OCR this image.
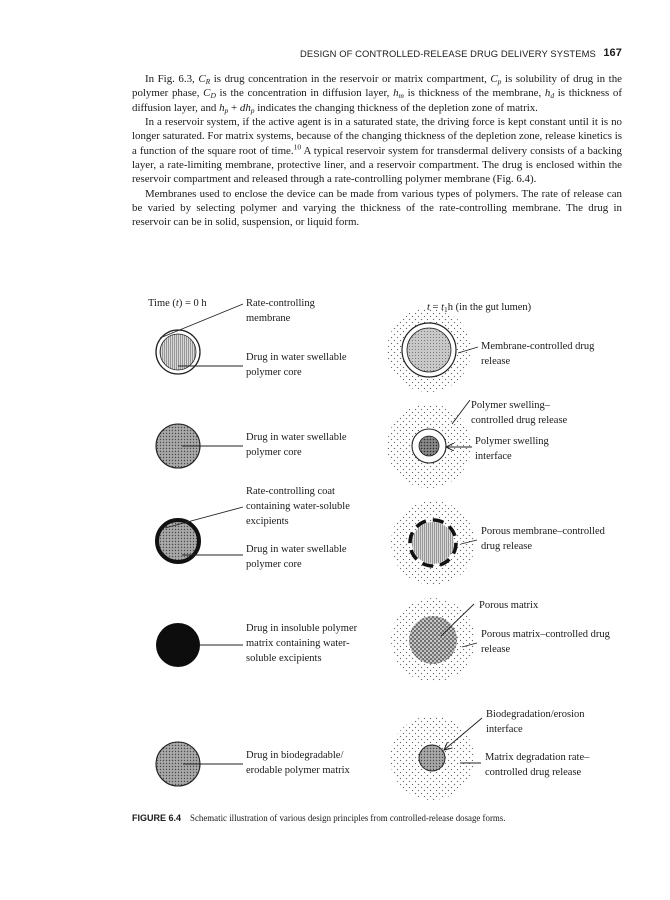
DESIGN OF CONTROLLED-RELEASE DRUG DELIVERY SYSTEMS 167

In Fig. 6.3, $C_R$ is drug concentration in the reservoir or matrix compartment, $C_p$ is solubility of drug in the polymer phase, $C_D$ is the concentration in diffusion layer, $h_m$ is thickness of the membrane, $h_d$ is thickness of diffusion layer, and $h_p + dh_p$ indicates the changing thickness of the depletion zone of matrix.

In a reservoir system, if the active agent is in a saturated state, the driving force is kept constant until it is no longer saturated. For matrix systems, because of the changing thickness of the depletion zone, release kinetics is a function of the square root of time.$^{10}$ A typical reservoir system for transdermal delivery consists of a backing layer, a rate-limiting membrane, protective liner, and a reservoir compartment. The drug is enclosed within the reservoir compartment and released through a rate-controlling polymer membrane (Fig. 6.4).

Membranes used to enclose the device can be made from various types of polymers. The rate of release can be varied by selecting polymer and varying the thickness of the rate-controlling membrane. The drug in reservoir can be in solid, suspension, or liquid form.

Time (t) = 0 h	$t = t_1h$ (in the gut lumen)
Rate-controlling membrane
Drug in water swellable polymer core
Membrane-controlled drug release
Polymer swelling–controlled drug release
Drug in water swellable polymer core
Polymer swelling interface
Rate-controlling coat containing water-soluble excipients
Drug in water swellable polymer core
Porous membrane–controlled drug release
Porous matrix
Drug in insoluble polymer matrix containing water-soluble excipients
Porous matrix–controlled drug release
Biodegradation/erosion interface
Drug in biodegradable/ erodable polymer matrix
Matrix degradation rate–controlled drug release
FIGURE 6.4 Schematic illustration of various design principles from controlled-release dosage forms.
